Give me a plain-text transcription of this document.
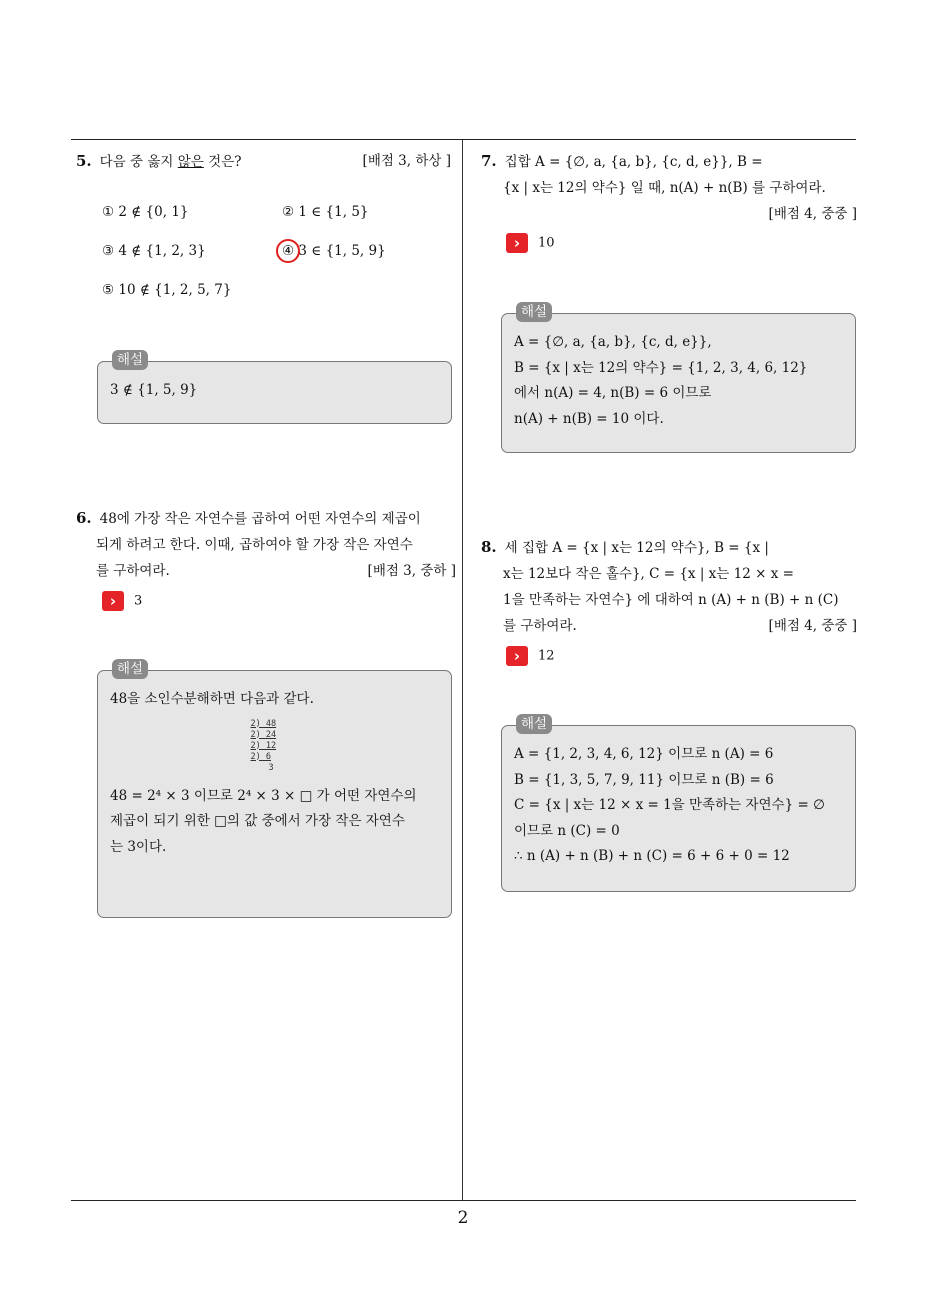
2
5. 다음 중 옳지 않은 것은?	[배점 3, 하상 ]
① 2 ∉ {0, 1}	② 1 ∈ {1, 5}
③ 4 ∉ {1, 2, 3}	④ 3 ∈ {1, 5, 9}
⑤ 10 ∉ {1, 2, 5, 7}
해설
3 ∉ {1, 5, 9}
6. 48에 가장 작은 자연수를 곱하여 어떤 자연수의 제곱이
되게 하려고 한다. 이때, 곱하여야 할 가장 작은 자연수
를 구하여라.	[배점 3, 중하 ]
› 3
해설
48을 소인수분해하면 다음과 같다.
2) 48
2) 24
2) 12
2) 6
3
48 = 2⁴ × 3 이므로 2⁴ × 3 × □ 가 어떤 자연수의
제곱이 되기 위한 □의 값 중에서 가장 작은 자연수
는 3이다.
7. 집합 A = {∅, a, {a, b}, {c, d, e}}, B =
{x | x는 12의 약수} 일 때, n(A) + n(B) 를 구하여라.
[배점 4, 중중 ]
› 10
해설
A = {∅, a, {a, b}, {c, d, e}},
B = {x | x는 12의 약수} = {1, 2, 3, 4, 6, 12}
에서 n(A) = 4, n(B) = 6 이므로
n(A) + n(B) = 10 이다.
8. 세 집합 A = {x | x는 12의 약수}, B = {x |
x는 12보다 작은 홀수}, C = {x | x는 12 × x =
1을 만족하는 자연수} 에 대하여 n (A) + n (B) + n (C)
를 구하여라.	[배점 4, 중중 ]
› 12
해설
A = {1, 2, 3, 4, 6, 12} 이므로 n (A) = 6
B = {1, 3, 5, 7, 9, 11} 이므로 n (B) = 6
C = {x | x는 12 × x = 1을 만족하는 자연수} = ∅
이므로 n (C) = 0
∴ n (A) + n (B) + n (C) = 6 + 6 + 0 = 12
